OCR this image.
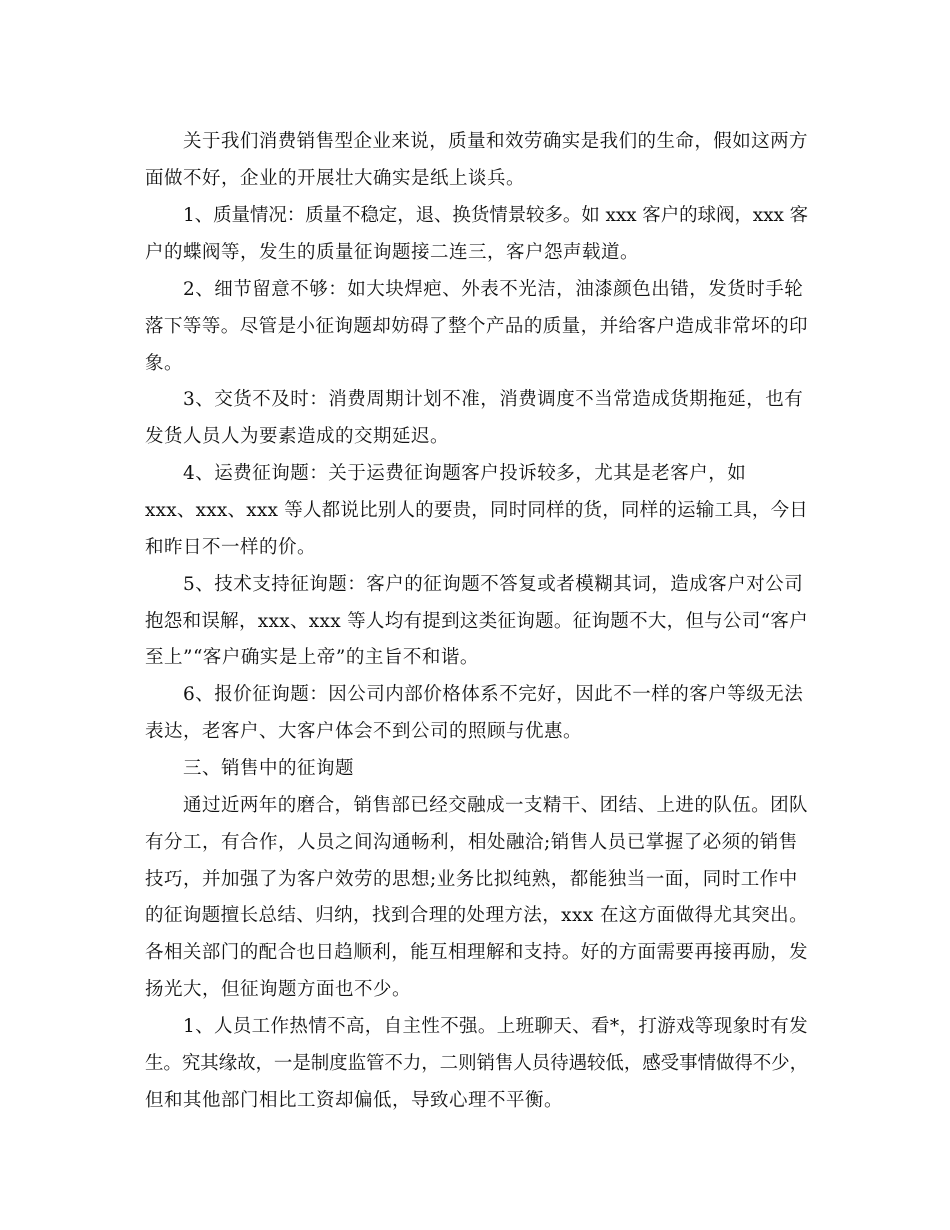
关于我们消费销售型企业来说，质量和效劳确实是我们的生命，假如这两方
面做不好，企业的开展壮大确实是纸上谈兵。
1、质量情况：质量不稳定，退、换货情景较多。如 xxx 客户的球阀，xxx 客
户的蝶阀等，发生的质量征询题接二连三，客户怨声载道。
2、细节留意不够：如大块焊疤、外表不光洁，油漆颜色出错，发货时手轮
落下等等。尽管是小征询题却妨碍了整个产品的质量，并给客户造成非常坏的印
象。
3、交货不及时：消费周期计划不准，消费调度不当常造成货期拖延，也有
发货人员人为要素造成的交期延迟。
4、运费征询题：关于运费征询题客户投诉较多，尤其是老客户，如
xxx、xxx、xxx 等人都说比别人的要贵，同时同样的货，同样的运输工具，今日
和昨日不一样的价。
5、技术支持征询题：客户的征询题不答复或者模糊其词，造成客户对公司
抱怨和误解，xxx、xxx 等人均有提到这类征询题。征询题不大，但与公司“客户
至上”“客户确实是上帝”的主旨不和谐。
6、报价征询题：因公司内部价格体系不完好，因此不一样的客户等级无法
表达，老客户、大客户体会不到公司的照顾与优惠。
三、销售中的征询题
通过近两年的磨合，销售部已经交融成一支精干、团结、上进的队伍。团队
有分工，有合作，人员之间沟通畅利，相处融洽;销售人员已掌握了必须的销售
技巧，并加强了为客户效劳的思想;业务比拟纯熟，都能独当一面，同时工作中
的征询题擅长总结、归纳，找到合理的处理方法，xxx 在这方面做得尤其突出。
各相关部门的配合也日趋顺利，能互相理解和支持。好的方面需要再接再励，发
扬光大，但征询题方面也不少。
1、人员工作热情不高，自主性不强。上班聊天、看*，打游戏等现象时有发
生。究其缘故，一是制度监管不力，二则销售人员待遇较低，感受事情做得不少，
但和其他部门相比工资却偏低，导致心理不平衡。
